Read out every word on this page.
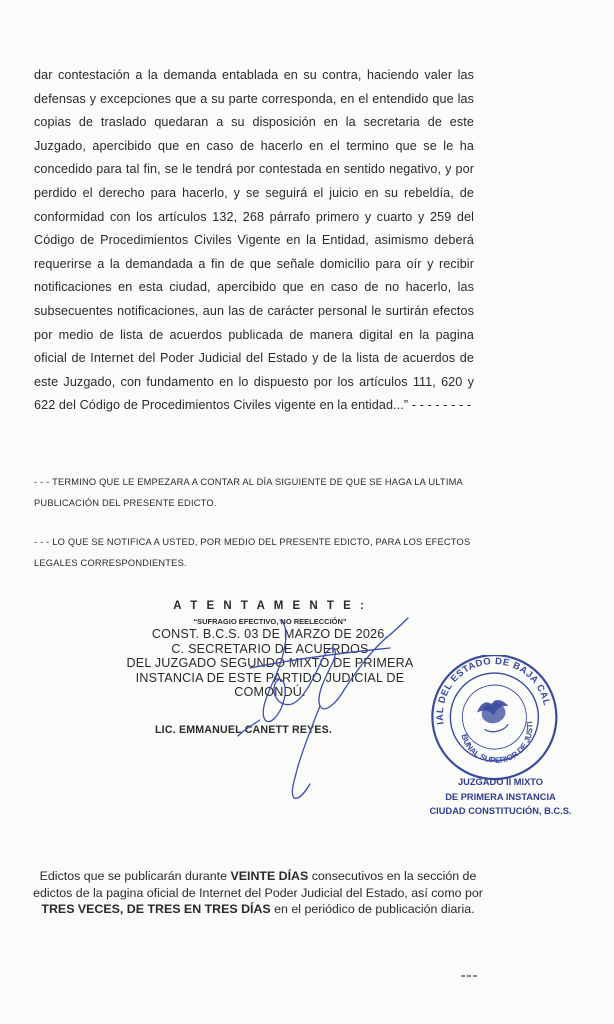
dar contestación a la demanda entablada en su contra, haciendo valer las defensas y excepciones que a su parte corresponda, en el entendido que las copias de traslado quedaran a su disposición en la secretaria de este Juzgado, apercibido que en caso de hacerlo en el termino que se le ha concedido para tal fin, se le tendrá por contestada en sentido negativo, y por perdido el derecho para hacerlo, y se seguirá el juicio en su rebeldía, de conformidad con los artículos 132, 268 párrafo primero y cuarto y 259 del Código de Procedimientos Civiles Vigente en la Entidad, asimismo deberá requerirse a la demandada a fin de que señale domicilio para oír y recibir notificaciones en esta ciudad, apercibido que en caso de no hacerlo, las subsecuentes notificaciones, aun las de carácter personal le surtirán efectos por medio de lista de acuerdos publicada de manera digital en la pagina oficial de Internet del Poder Judicial del Estado y de la lista de acuerdos de este Juzgado, con fundamento en lo dispuesto por los artículos 111, 620 y 622 del Código de Procedimientos Civiles vigente en la entidad...” - - - - - - - -

- - - TERMINO QUE LE EMPEZARA A CONTAR AL DÍA SIGUIENTE DE QUE SE HAGA LA ULTIMA PUBLICACIÓN DEL PRESENTE EDICTO.

- - - LO QUE SE NOTIFICA A USTED, POR MEDIO DEL PRESENTE EDICTO, PARA LOS EFECTOS LEGALES CORRESPONDIENTES.

A T E N T A M E N T E :

“SUFRAGIO EFECTIVO, NO REELECCIÓN”

CONST. B.C.S. 03 DE MARZO DE 2026.

C. SECRETARIO DE ACUERDOS

DEL JUZGADO SEGUNDO MIXTO DE PRIMERA

INSTANCIA DE ESTE PARTIDO JUDICIAL DE COMONDÚ.

LIC. EMMANUEL CANETT REYES.

JUDICIAL DEL ESTADO DE BAJA CALIFORNIA
TRIBUNAL SUPERIOR DE JUSTICIA

JUZGADO II MIXTO

DE PRIMERA INSTANCIA

CIUDAD CONSTITUCIÓN, B.C.S.

Edictos que se publicarán durante VEINTE DÍAS consecutivos en la sección de edictos de la pagina oficial de Internet del Poder Judicial del Estado, así como por TRES VECES, DE TRES EN TRES DÍAS en el periódico de publicación diaria.
